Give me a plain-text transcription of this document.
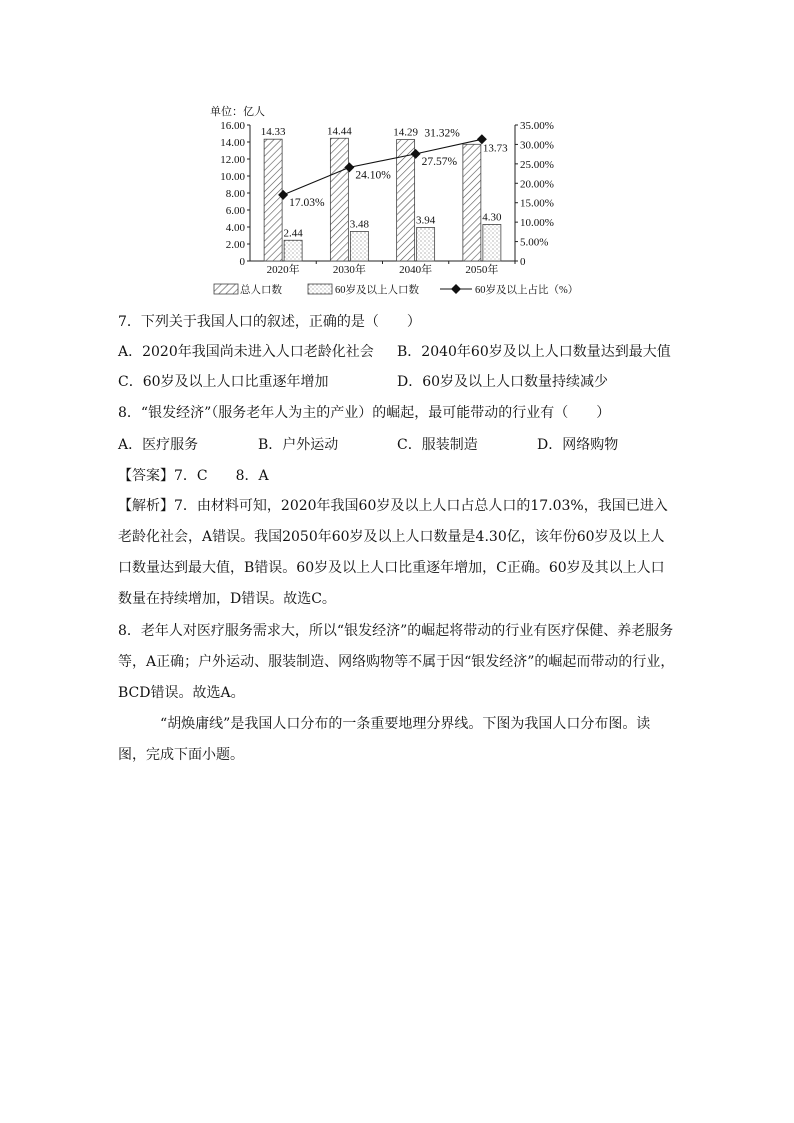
单位：亿人
16.00
14.00
12.00
10.00
8.00
6.00
4.00
2.00
0
35.00%
30.00%
25.00%
20.00%
15.00%
10.00%
5.00%
0
2020年	2030年	2040年	2050年
14.33
2.44
14.44
3.48
14.29
3.94
13.73
4.30
17.03%
24.10%
27.57%
31.32%
总人口数	60岁及以上人口数	60岁及以上占比（%）
7．下列关于我国人口的叙述，正确的是（　　）
A．2020年我国尚未进入人口老龄化社会 B．2040年60岁及以上人口数量达到最大值
C．60岁及以上人口比重逐年增加	D．60岁及以上人口数量持续减少
8．“银发经济”（服务老年人为主的产业）的崛起，最可能带动的行业有（　　）
A．医疗服务	B．户外运动	C．服装制造	D．网络购物
【答案】7．C　　8．A
【解析】7．由材料可知，2020年我国60岁及以上人口占总人口的17.03%，我国已进入老龄化社会，A错误。我国2050年60岁及以上人口数量是4.30亿，该年份60岁及以上人口数量达到最大值，B错误。60岁及以上人口比重逐年增加，C正确。60岁及其以上人口数量在持续增加，D错误。故选C。
8．老年人对医疗服务需求大，所以“银发经济”的崛起将带动的行业有医疗保健、养老服务等，A正确；户外运动、服装制造、网络购物等不属于因“银发经济”的崛起而带动的行业，BCD错误。故选A。
“胡焕庸线”是我国人口分布的一条重要地理分界线。下图为我国人口分布图。读图，完成下面小题。
